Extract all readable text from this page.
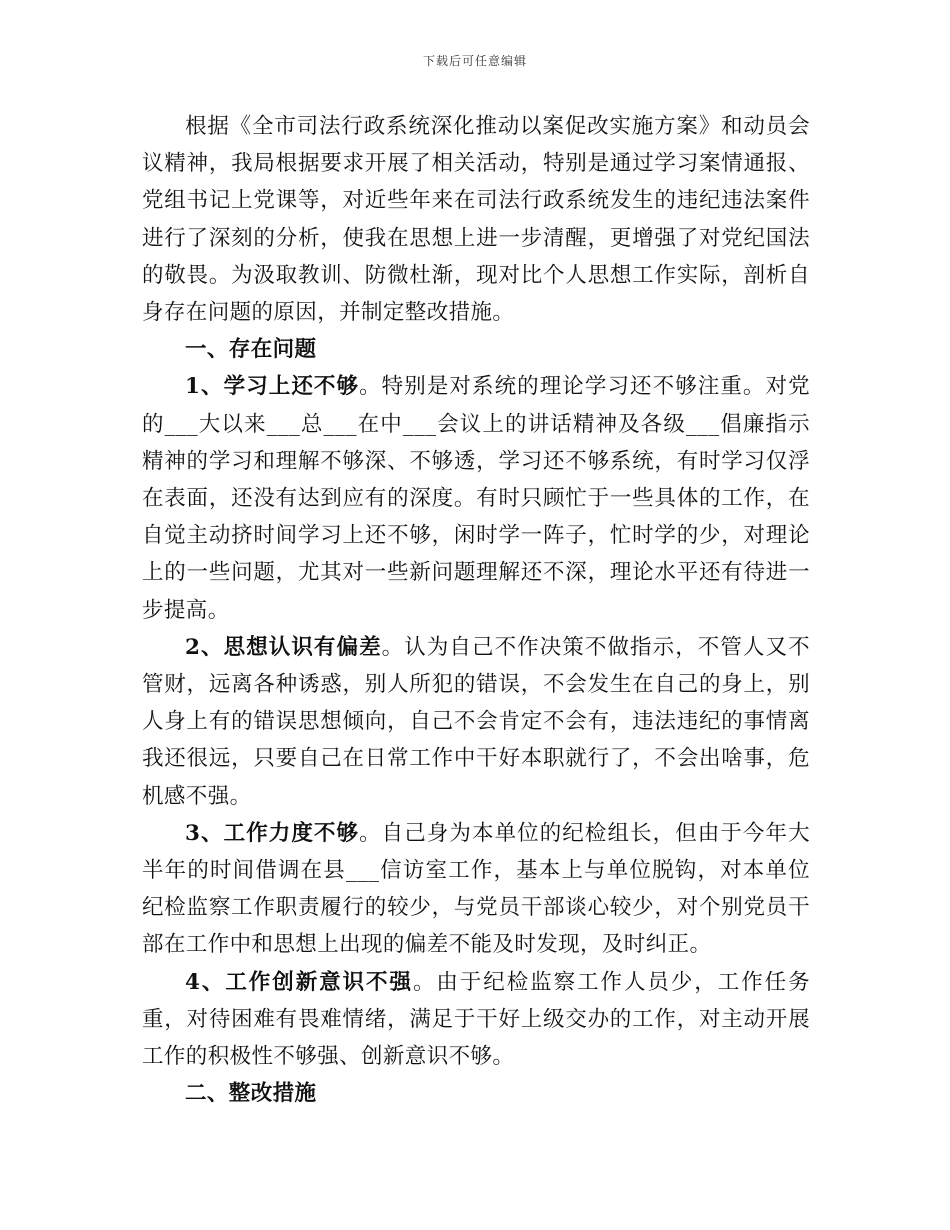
下载后可任意编辑

根据《全市司法行政系统深化推动以案促改实施方案》和动员会议精神，我局根据要求开展了相关活动，特别是通过学习案情通报、党组书记上党课等，对近些年来在司法行政系统发生的违纪违法案件进行了深刻的分析，使我在思想上进一步清醒，更增强了对党纪国法的敬畏。为汲取教训、防微杜渐，现对比个人思想工作实际，剖析自身存在问题的原因，并制定整改措施。

一、存在问题

1、学习上还不够。特别是对系统的理论学习还不够注重。对党的___大以来___总___在中___会议上的讲话精神及各级___倡廉指示精神的学习和理解不够深、不够透，学习还不够系统，有时学习仅浮在表面，还没有达到应有的深度。有时只顾忙于一些具体的工作，在自觉主动挤时间学习上还不够，闲时学一阵子，忙时学的少，对理论上的一些问题，尤其对一些新问题理解还不深，理论水平还有待进一步提高。

2、思想认识有偏差。认为自己不作决策不做指示，不管人又不管财，远离各种诱惑，别人所犯的错误，不会发生在自己的身上，别人身上有的错误思想倾向，自己不会肯定不会有，违法违纪的事情离我还很远，只要自己在日常工作中干好本职就行了，不会出啥事，危机感不强。

3、工作力度不够。自己身为本单位的纪检组长，但由于今年大半年的时间借调在县___信访室工作，基本上与单位脱钩，对本单位纪检监察工作职责履行的较少，与党员干部谈心较少，对个别党员干部在工作中和思想上出现的偏差不能及时发现，及时纠正。

4、工作创新意识不强。由于纪检监察工作人员少，工作任务重，对待困难有畏难情绪，满足于干好上级交办的工作，对主动开展工作的积极性不够强、创新意识不够。

二、整改措施
